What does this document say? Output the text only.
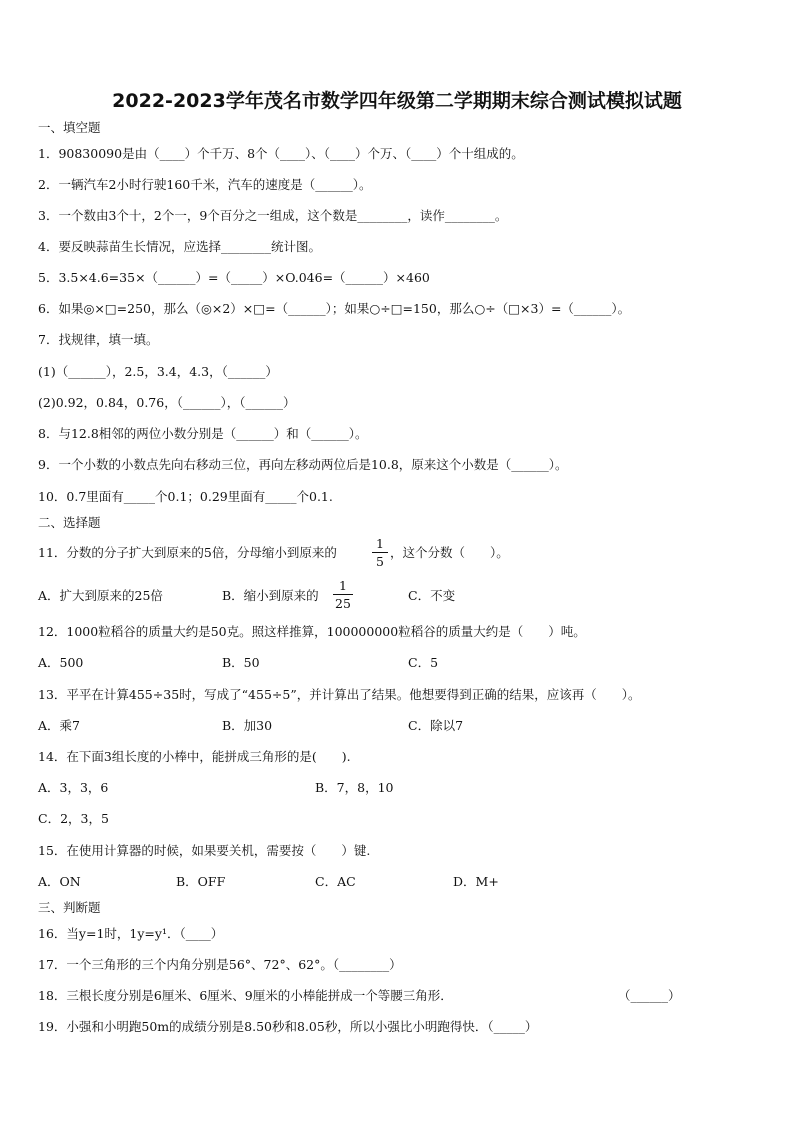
2022-2023学年茂名市数学四年级第二学期期末综合测试模拟试题
一、填空题
1．90830090是由（____）个千万、8个（____）、（____）个万、（____）个十组成的。
2．一辆汽车2小时行驶160千米，汽车的速度是（______）。
3．一个数由3个十，2个一，9个百分之一组成，这个数是________，读作________。
4．要反映蒜苗生长情况，应选择________统计图。
5．3.5×4.6=35×（______）=（_____）×O.046=（______）×460
6．如果◎×□=250，那么（◎×2）×□=（______）；如果○÷□=150，那么○÷（□×3）=（______）。
7．找规律，填一填。
(1)（______），2.5，3.4，4.3，（______）
(2)0.92，0.84，0.76，（______），（______）
8．与12.8相邻的两位小数分别是（______）和（______）。
9．一个小数的小数点先向右移动三位，再向左移动两位后是10.8，原来这个小数是（______）。
10．0.7里面有_____个0.1；0.29里面有_____个0.1.
二、选择题
11．分数的分子扩大到原来的5倍，分母缩小到原来的
1
5
，这个分数（　　）。
A．扩大到原来的25倍	B．缩小到原来的
1
25
C．不变
12．1000粒稻谷的质量大约是50克。照这样推算，100000000粒稻谷的质量大约是（　　）吨。
A．500	B．50	C．5
13．平平在计算455÷35时，写成了“455÷5”，并计算出了结果。他想要得到正确的结果，应该再（　　）。
A．乘7	B．加30	C．除以7
14．在下面3组长度的小棒中，能拼成三角形的是(　　).
A．3，3，6	B．7，8，10
C．2，3，5
15．在使用计算器的时候，如果要关机，需要按（　　）键.
A．ON	B．OFF	C．AC	D．M+
三、判断题
16．当y=1时，1y=y¹．（____）
17．一个三角形的三个内角分别是56°、72°、62°。（________）
18．三根长度分别是6厘米、6厘米、9厘米的小棒能拼成一个等腰三角形．	（______）
19．小强和小明跑50m的成绩分别是8.50秒和8.05秒，所以小强比小明跑得快．（_____）
